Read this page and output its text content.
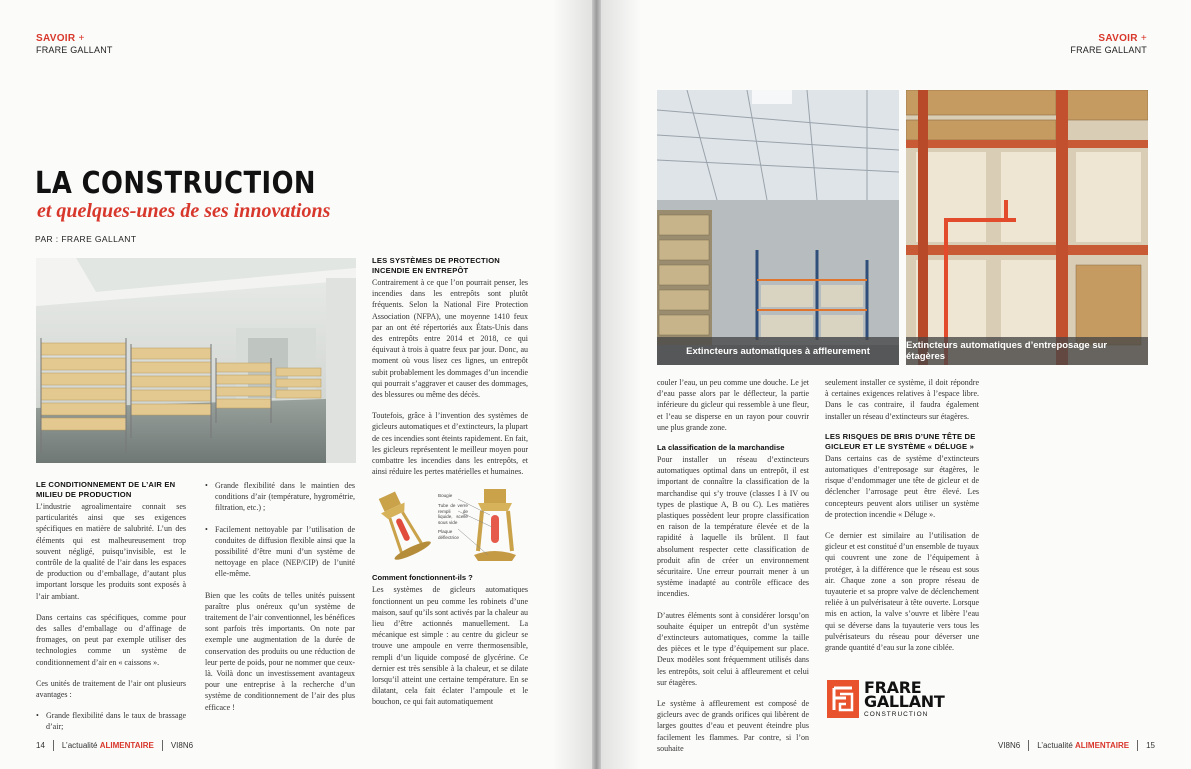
SAVOIR +
FRARE GALLANT
LA CONSTRUCTION
et quelques-unes de ses innovations
PAR : FRARE GALLANT
LE CONDITIONNEMENT DE L’AIR EN MILIEU DE PRODUCTION

L’industrie agroalimentaire connait ses particularités ainsi que ses exigences spécifiques en matière de salubrité. L’un des éléments qui est malheureusement trop souvent négligé, puisqu’invisible, est le contrôle de la qualité de l’air dans les espaces de production ou d’emballage, d’autant plus important lorsque les produits sont exposés à l’air ambiant.

Dans certains cas spécifiques, comme pour des salles d’emballage ou d’affinage de fromages, on peut par exemple utiliser des technologies comme un système de conditionnement d’air en « caissons ».

Ces unités de traitement de l’air ont plusieurs avantages :

• Grande flexibilité dans le taux de brassage d’air;
• Grande flexibilité dans le maintien des conditions d’air (température, hygrométrie, filtration, etc.) ;
• Facilement nettoyable par l’utilisation de conduites de diffusion flexible ainsi que la possibilité d’être muni d’un système de nettoyage en place (NEP/CIP) de l’unité elle-même.

Bien que les coûts de telles unités puissent paraître plus onéreux qu’un système de traitement de l’air conventionnel, les bénéfices sont parfois très importants. On note par exemple une augmentation de la durée de conservation des produits ou une réduction de leur perte de poids, pour ne nommer que ceux-là. Voilà donc un investissement avantageux pour une entreprise à la recherche d’un système de conditionnement de l’air des plus efficace !

LES SYSTÈMES DE PROTECTION INCENDIE EN ENTREPÔT

Contrairement à ce que l’on pourrait penser, les incendies dans les entrepôts sont plutôt fréquents. Selon la National Fire Protection Association (NFPA), une moyenne 1410 feux par an ont été répertoriés aux États-Unis dans des entrepôts entre 2014 et 2018, ce qui équivaut à trois à quatre feux par jour. Donc, au moment où vous lisez ces lignes, un entrepôt subit probablement les dommages d’un incendie qui pourrait s’aggraver et causer des dommages, des blessures ou même des décès.

Toutefois, grâce à l’invention des systèmes de gicleurs automatiques et d’extincteurs, la plupart de ces incendies sont éteints rapidement. En fait, les gicleurs représentent le meilleur moyen pour combattre les incendies dans les entrepôts, et ainsi réduire les pertes matérielles et humaines.

Bougie
Tube de verre rempli de liquide, scellé sous vide
Plaque déflectrice
Comment fonctionnent-ils ?

Les systèmes de gicleurs automatiques fonctionnent un peu comme les robinets d’une maison, sauf qu’ils sont activés par la chaleur au lieu d’être actionnés manuellement. La mécanique est simple : au centre du gicleur se trouve une ampoule en verre thermosensible, rempli d’un liquide composé de glycérine. Ce dernier est très sensible à la chaleur, et se dilate lorsqu’il atteint une certaine température. En se dilatant, cela fait éclater l’ampoule et le bouchon, ce qui fait automatiquement

14 L’actualité ALIMENTAIRE VI8N6
SAVOIR +
FRARE GALLANT
Extincteurs automatiques à affleurement	Extincteurs automatiques d’entreposage sur étagères

couler l’eau, un peu comme une douche. Le jet d’eau passe alors par le déflecteur, la partie inférieure du gicleur qui ressemble à une fleur, et l’eau se disperse en un rayon pour couvrir une plus grande zone.

La classification de la marchandise

Pour installer un réseau d’extincteurs automatiques optimal dans un entrepôt, il est important de connaître la classification de la marchandise qui s’y trouve (classes I à IV ou types de plastique A, B ou C). Les matières plastiques possèdent leur propre classification en raison de la température élevée et de la rapidité à laquelle ils brûlent. Il faut absolument respecter cette classification de produit afin de créer un environnement sécuritaire. Une erreur pourrait mener à un système inadapté au contrôle efficace des incendies.

D’autres éléments sont à considérer lorsqu’on souhaite équiper un entrepôt d’un système d’extincteurs automatiques, comme la taille des pièces et le type d’équipement sur place. Deux modèles sont fréquemment utilisés dans les entrepôts, soit celui à affleurement et celui sur étagères.

Le système à affleurement est composé de gicleurs avec de grands orifices qui libèrent de larges gouttes d’eau et peuvent éteindre plus facilement les flammes. Par contre, si l’on souhaite

seulement installer ce système, il doit répondre à certaines exigences relatives à l’espace libre. Dans le cas contraire, il faudra également installer un réseau d’extincteurs sur étagères.

LES RISQUES DE BRIS D’UNE TÊTE DE GICLEUR ET LE SYSTÈME « DÉLUGE »

Dans certains cas de système d’extincteurs automatiques d’entreposage sur étagères, le risque d’endommager une tête de gicleur et de déclencher l’arrosage peut être élevé. Les concepteurs peuvent alors utiliser un système de protection incendie « Déluge ».

Ce dernier est similaire au l’utilisation de gicleur et est constitué d’un ensemble de tuyaux qui couvrent une zone de l’équipement à protéger, à la différence que le réseau est sous air. Chaque zone a son propre réseau de tuyauterie et sa propre valve de déclenchement reliée à un pulvérisateur à tête ouverte. Lorsque mis en action, la valve s’ouvre et libère l’eau qui se déverse dans la tuyauterie vers tous les pulvérisateurs du réseau pour déverser une grande quantité d’eau sur la zone ciblée.

VI8N6 L’actualité ALIMENTAIRE 15
FRARE
GALLANT
CONSTRUCTION
